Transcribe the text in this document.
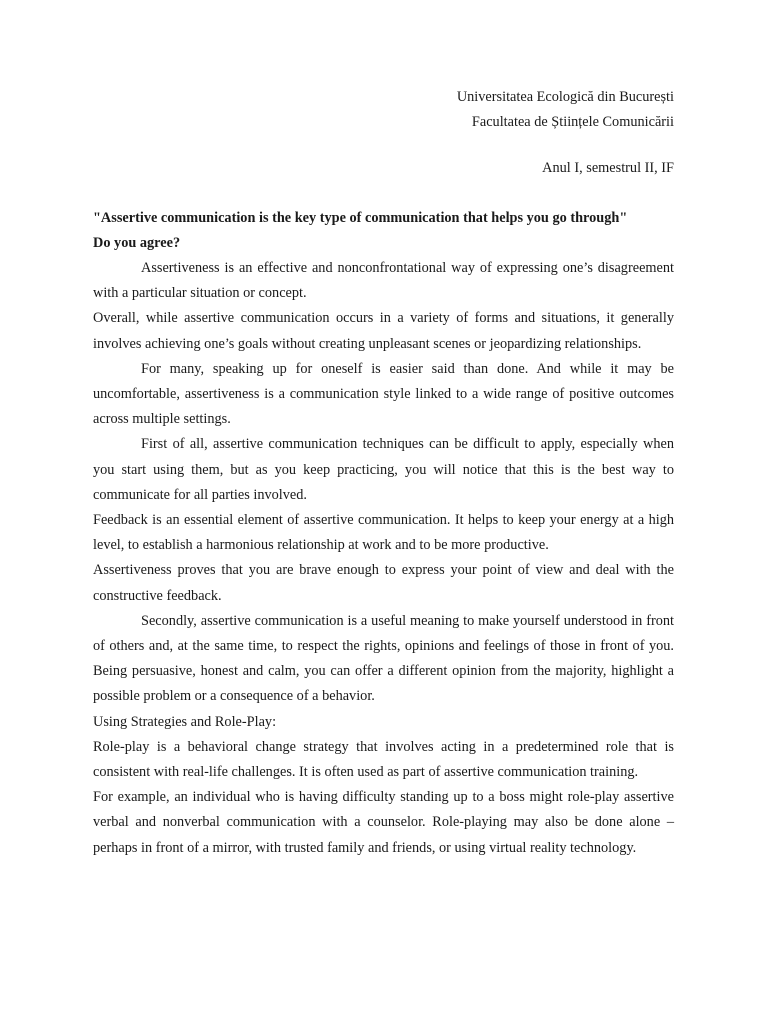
Universitatea Ecologică din București
Facultatea de Științele Comunicării
Anul I, semestrul II, IF
"Assertive communication is the key type of communication that helps you go through"
Do you agree?

Assertiveness is an effective and nonconfrontational way of expressing one’s disagreement with a particular situation or concept.

Overall, while assertive communication occurs in a variety of forms and situations, it generally involves achieving one’s goals without creating unpleasant scenes or jeopardizing relationships.

For many, speaking up for oneself is easier said than done. And while it may be uncomfortable, assertiveness is a communication style linked to a wide range of positive outcomes across multiple settings.

First of all, assertive communication techniques can be difficult to apply, especially when you start using them, but as you keep practicing, you will notice that this is the best way to communicate for all parties involved.

Feedback is an essential element of assertive communication. It helps to keep your energy at a high level, to establish a harmonious relationship at work and to be more productive.

Assertiveness proves that you are brave enough to express your point of view and deal with the constructive feedback.

Secondly, assertive communication is a useful meaning to make yourself understood in front of others and, at the same time, to respect the rights, opinions and feelings of those in front of you. Being persuasive, honest and calm, you can offer a different opinion from the majority, highlight a possible problem or a consequence of a behavior.

Using Strategies and Role-Play:

Role-play is a behavioral change strategy that involves acting in a predetermined role that is consistent with real-life challenges. It is often used as part of assertive communication training.

For example, an individual who is having difficulty standing up to a boss might role-play assertive verbal and nonverbal communication with a counselor. Role-playing may also be done alone – perhaps in front of a mirror, with trusted family and friends, or using virtual reality technology.
